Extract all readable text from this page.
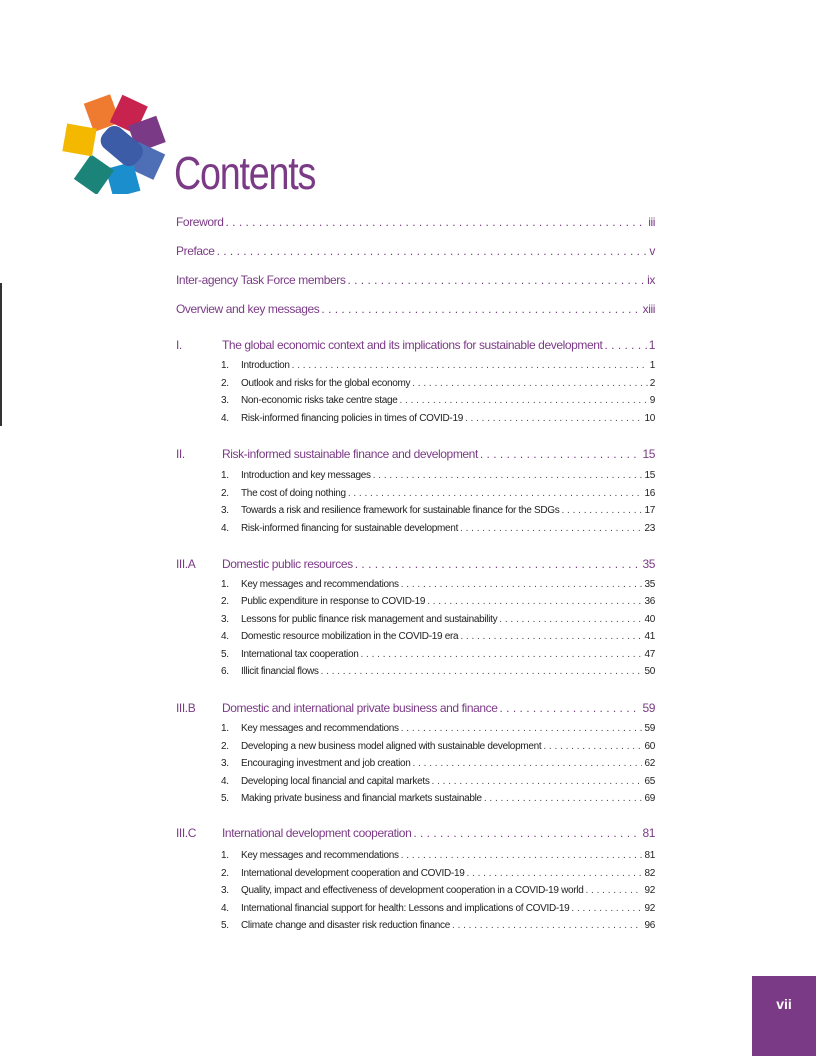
Contents
Foreword . . .	iii
Preface . . .	v
Inter-agency Task Force members . . .	ix
Overview and key messages . . .	xiii
I.	The global economic context and its implications for sustainable development . . .	1
1.	Introduction . . .	1
2.	Outlook and risks for the global economy . . .	2
3.	Non-economic risks take centre stage . . .	9
4.	Risk-informed financing policies in times of COVID-19 . . .	10
II.	Risk-informed sustainable finance and development . . .	15
1.	Introduction and key messages . . .	15
2.	The cost of doing nothing . . .	16
3.	Towards a risk and resilience framework for sustainable finance for the SDGs . . .	17
4.	Risk-informed financing for sustainable development . . .	23
III.A Domestic public resources . . .	35
1.	Key messages and recommendations . . .	35
2.	Public expenditure in response to COVID-19 . . .	36
3.	Lessons for public finance risk management and sustainability . . .	40
4.	Domestic resource mobilization in the COVID-19 era . . .	41
5.	International tax cooperation . . .	47
6.	Illicit financial flows . . .	50
III.B Domestic and international private business and finance . . .	59
1.	Key messages and recommendations . . .	59
2.	Developing a new business model aligned with sustainable development . . .	60
3.	Encouraging investment and job creation . . .	62
4.	Developing local financial and capital markets . . .	65
5.	Making private business and financial markets sustainable . . .	69
III.C International development cooperation . . .	81
1.	Key messages and recommendations . . .	81
2.	International development cooperation and COVID-19 . . .	82
3.	Quality, impact and effectiveness of development cooperation in a COVID-19 world . . .	92
4.	International financial support for health: Lessons and implications of COVID-19 . . .	92
5.	Climate change and disaster risk reduction finance . . .	96
vii
